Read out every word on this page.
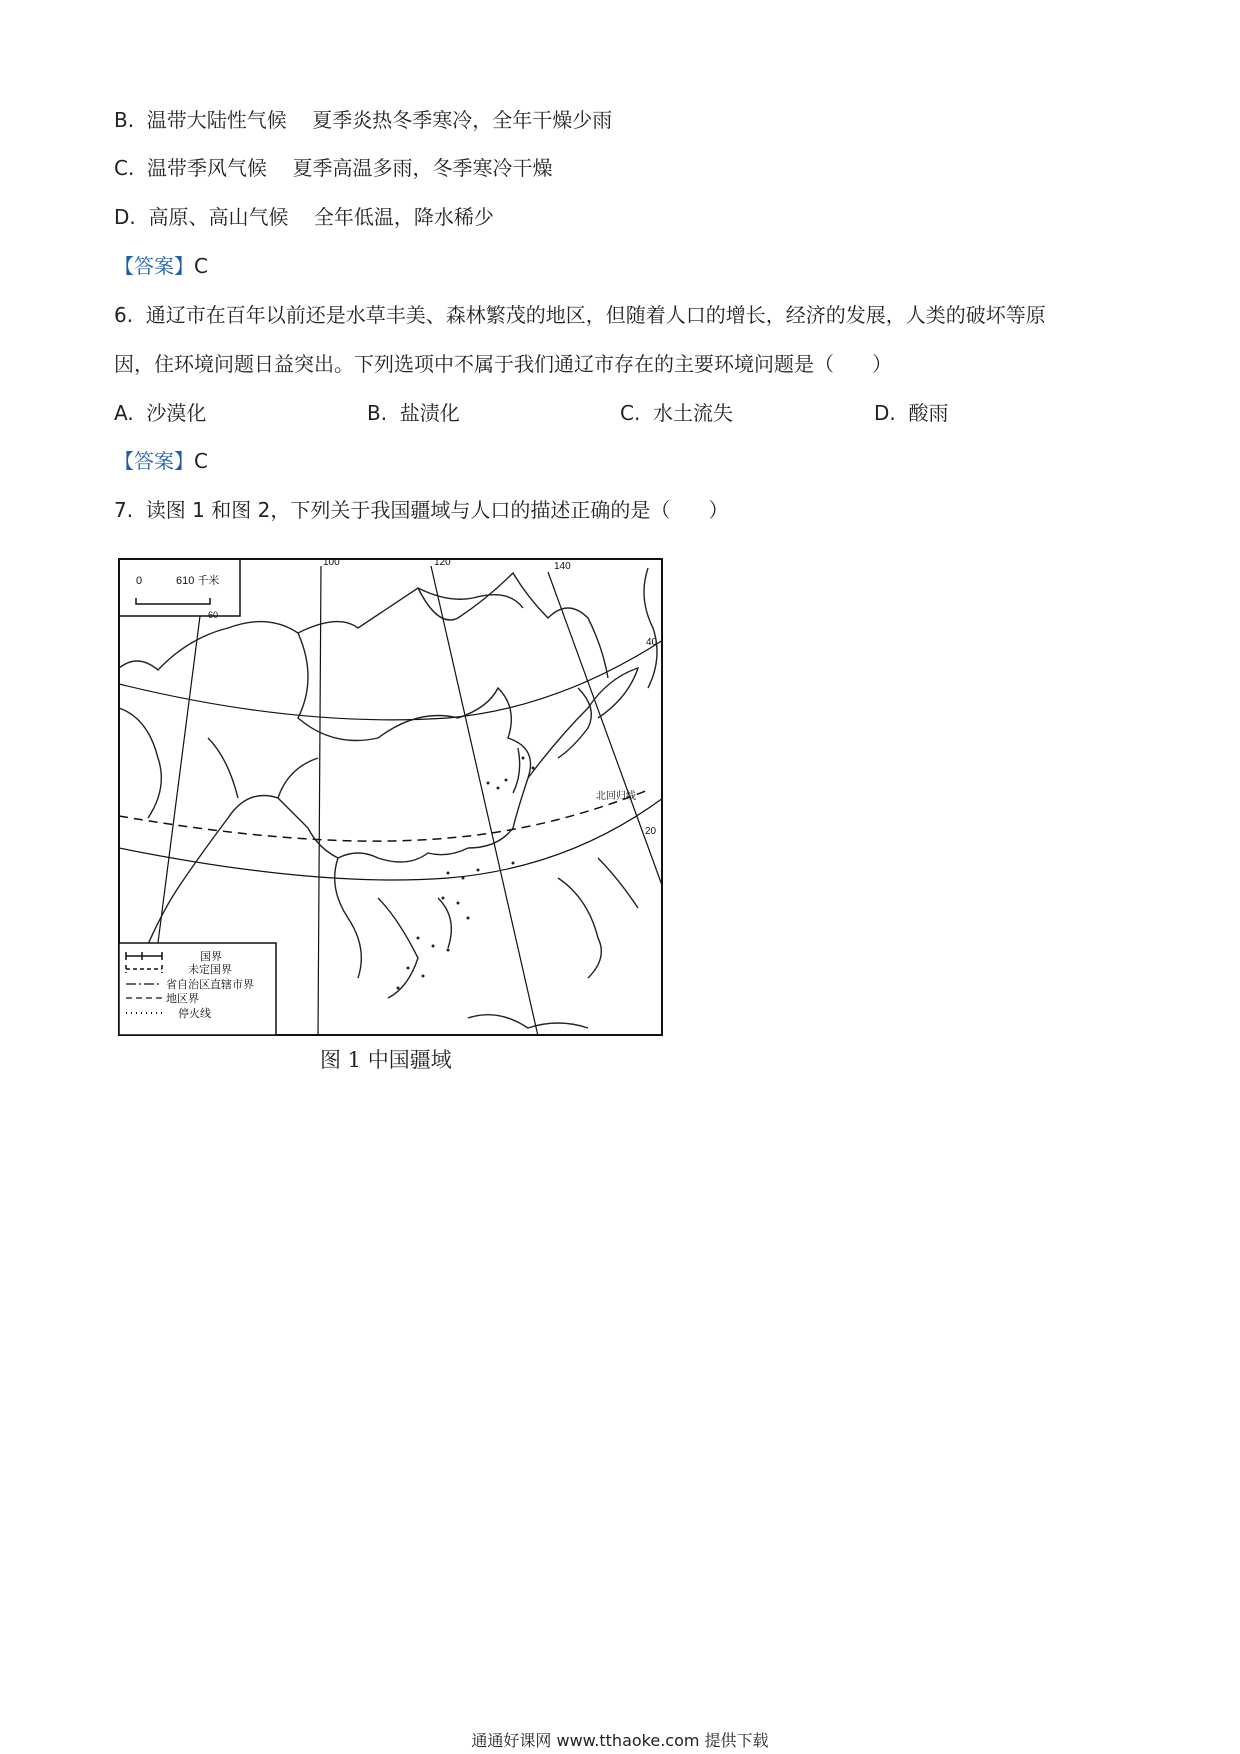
B.  温带大陆性气候    夏季炎热冬季寒冷，全年干燥少雨
C.  温带季风气候    夏季高温多雨，冬季寒冷干燥
D.  高原、高山气候    全年低温，降水稀少
【答案】C
6.  通辽市在百年以前还是水草丰美、森林繁茂的地区，但随着人口的增长，经济的发展，人类的破坏等原
因，住环境问题日益突出。下列选项中不属于我们通辽市存在的主要环境问题是（      ）
A.  沙漠化	B.  盐渍化	C.  水土流失	D.  酸雨
【答案】C
7.  读图 1 和图 2，下列关于我国疆域与人口的描述正确的是（      ）
0	610 千米
100	120	140
60
40
20
北回归线
国界
未定国界
省自治区直辖市界
地区界
停火线
图 1 中国疆域
通通好课网 www.tthaoke.com 提供下载
